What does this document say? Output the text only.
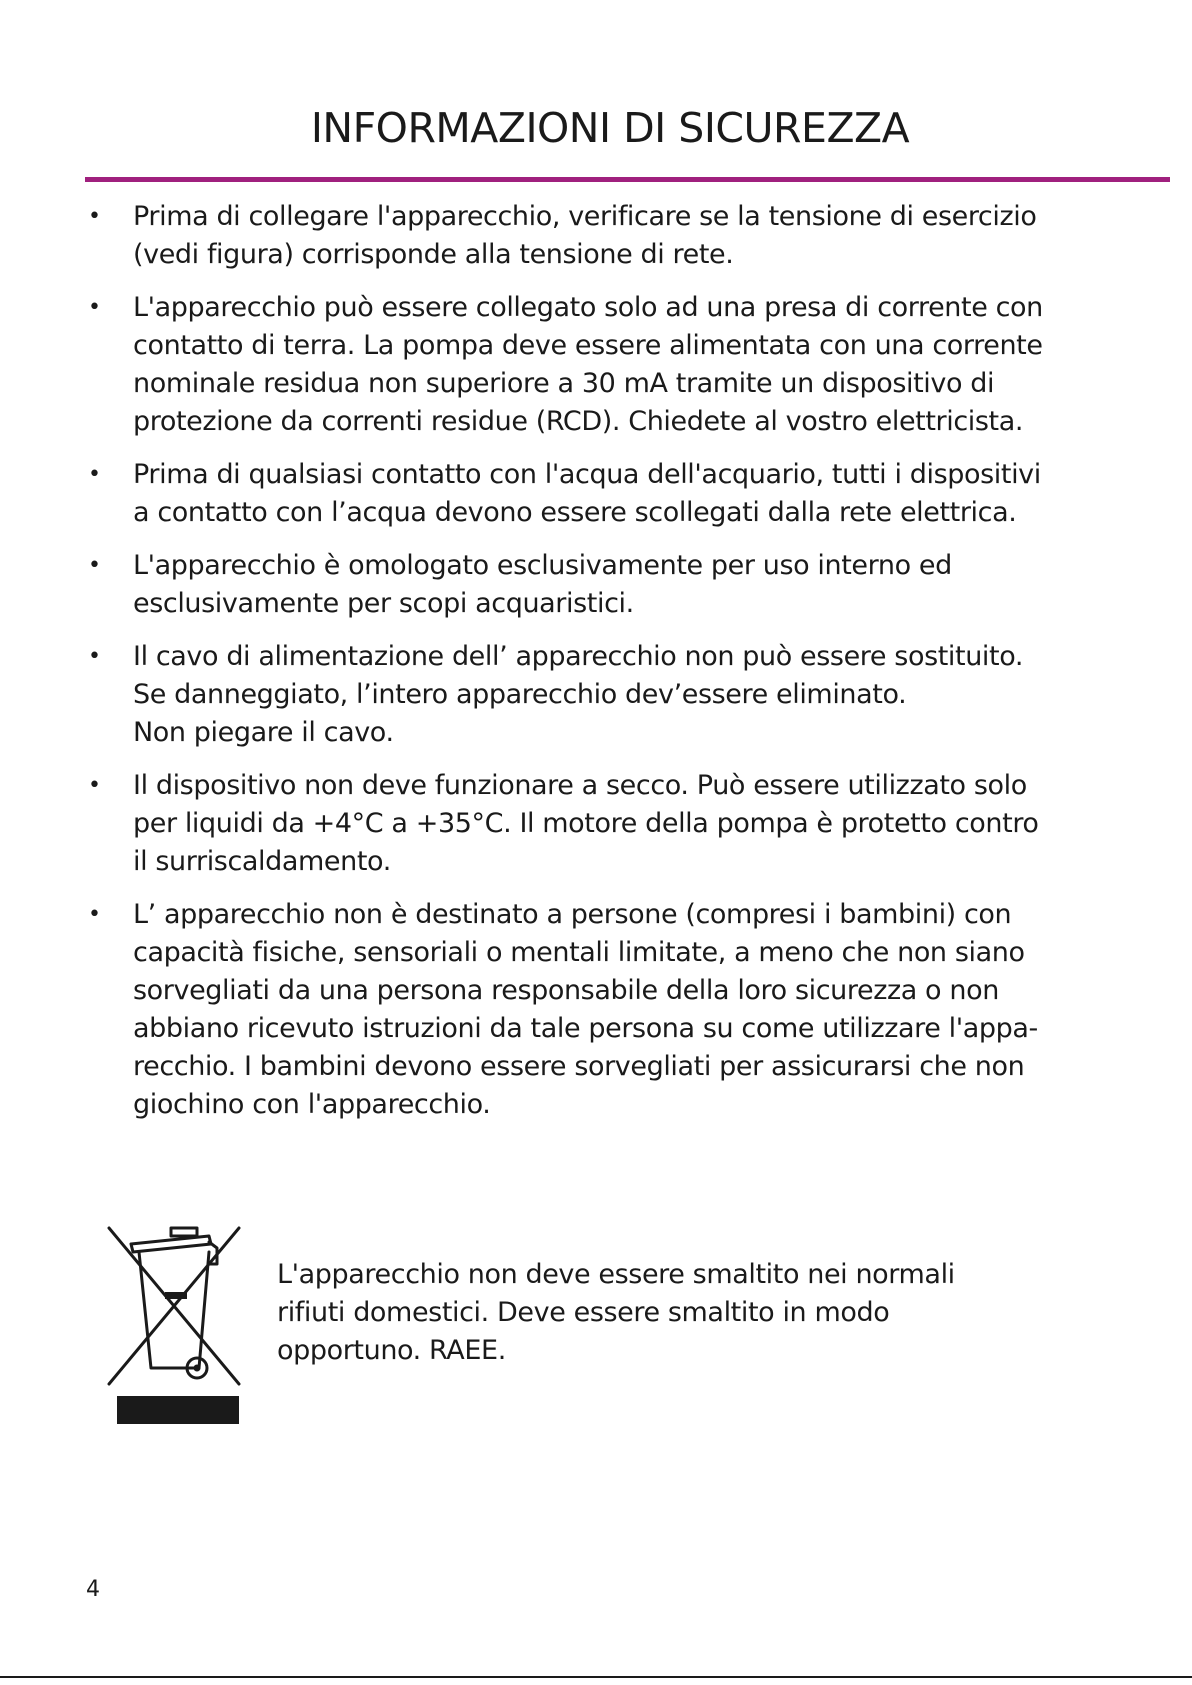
INFORMAZIONI DI SICUREZZA
• Prima di collegare l'apparecchio, verificare se la tensione di esercizio
(vedi figura) corrisponde alla tensione di rete.
• L'apparecchio può essere collegato solo ad una presa di corrente con
contatto di terra. La pompa deve essere alimentata con una corrente
nominale residua non superiore a 30 mA tramite un dispositivo di
protezione da correnti residue (RCD). Chiedete al vostro elettricista.
• Prima di qualsiasi contatto con l'acqua dell'acquario, tutti i dispositivi
a contatto con l’acqua devono essere scollegati dalla rete elettrica.
• L'apparecchio è omologato esclusivamente per uso interno ed
esclusivamente per scopi acquaristici.
• Il cavo di alimentazione dell’ apparecchio non può essere sostituito.
Se danneggiato, l’intero apparecchio dev’essere eliminato.
Non piegare il cavo.
• Il dispositivo non deve funzionare a secco. Può essere utilizzato solo
per liquidi da +4°C a +35°C. Il motore della pompa è protetto contro
il surriscaldamento.
• L’ apparecchio non è destinato a persone (compresi i bambini) con
capacità fisiche, sensoriali o mentali limitate, a meno che non siano
sorvegliati da una persona responsabile della loro sicurezza o non
abbiano ricevuto istruzioni da tale persona su come utilizzare l'appa-
recchio. I bambini devono essere sorvegliati per assicurarsi che non
giochino con l'apparecchio.
L'apparecchio non deve essere smaltito nei normali
rifiuti domestici. Deve essere smaltito in modo
opportuno. RAEE.
4
